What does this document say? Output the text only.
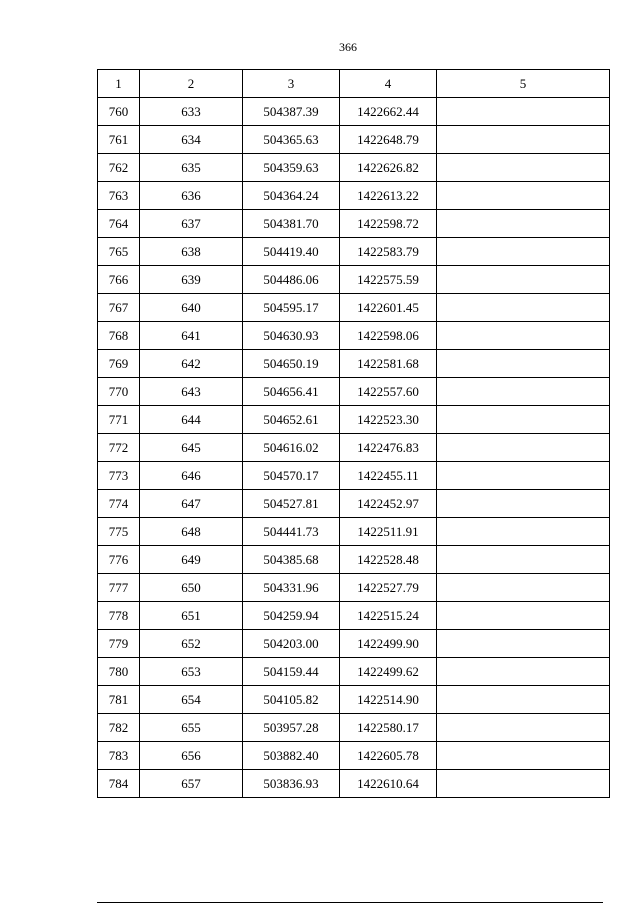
366
1	2	3	4	5
760	633	504387.39	1422662.44	
761	634	504365.63	1422648.79	
762	635	504359.63	1422626.82	
763	636	504364.24	1422613.22	
764	637	504381.70	1422598.72	
765	638	504419.40	1422583.79	
766	639	504486.06	1422575.59	
767	640	504595.17	1422601.45	
768	641	504630.93	1422598.06	
769	642	504650.19	1422581.68	
770	643	504656.41	1422557.60	
771	644	504652.61	1422523.30	
772	645	504616.02	1422476.83	
773	646	504570.17	1422455.11	
774	647	504527.81	1422452.97	
775	648	504441.73	1422511.91	
776	649	504385.68	1422528.48	
777	650	504331.96	1422527.79	
778	651	504259.94	1422515.24	
779	652	504203.00	1422499.90	
780	653	504159.44	1422499.62	
781	654	504105.82	1422514.90	
782	655	503957.28	1422580.17	
783	656	503882.40	1422605.78	
784	657	503836.93	1422610.64	
